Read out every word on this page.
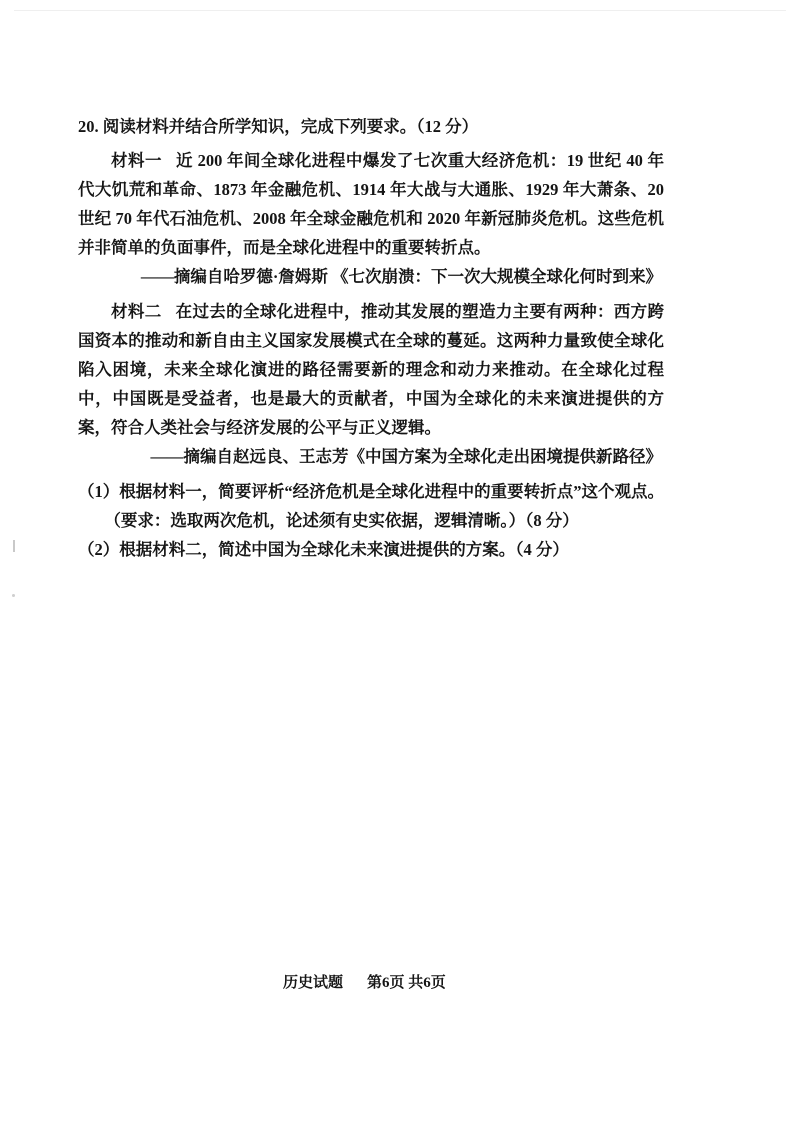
20. 阅读材料并结合所学知识，完成下列要求。（12 分）

材料一 近 200 年间全球化进程中爆发了七次重大经济危机：19 世纪 40 年代大饥荒和革命、1873 年金融危机、1914 年大战与大通胀、1929 年大萧条、20 世纪 70 年代石油危机、2008 年全球金融危机和 2020 年新冠肺炎危机。这些危机并非简单的负面事件，而是全球化进程中的重要转折点。

——摘编自哈罗德·詹姆斯 《七次崩溃：下一次大规模全球化何时到来》

材料二 在过去的全球化进程中，推动其发展的塑造力主要有两种：西方跨国资本的推动和新自由主义国家发展模式在全球的蔓延。这两种力量致使全球化陷入困境，未来全球化演进的路径需要新的理念和动力来推动。在全球化过程中，中国既是受益者，也是最大的贡献者，中国为全球化的未来演进提供的方案，符合人类社会与经济发展的公平与正义逻辑。

——摘编自赵远良、王志芳《中国方案为全球化走出困境提供新路径》

（1）根据材料一，简要评析“经济危机是全球化进程中的重要转折点”这个观点。（要求：选取两次危机，论述须有史实依据，逻辑清晰。）（8 分）

（2）根据材料二，简述中国为全球化未来演进提供的方案。（4 分）

历史试题 第6页 共6页
